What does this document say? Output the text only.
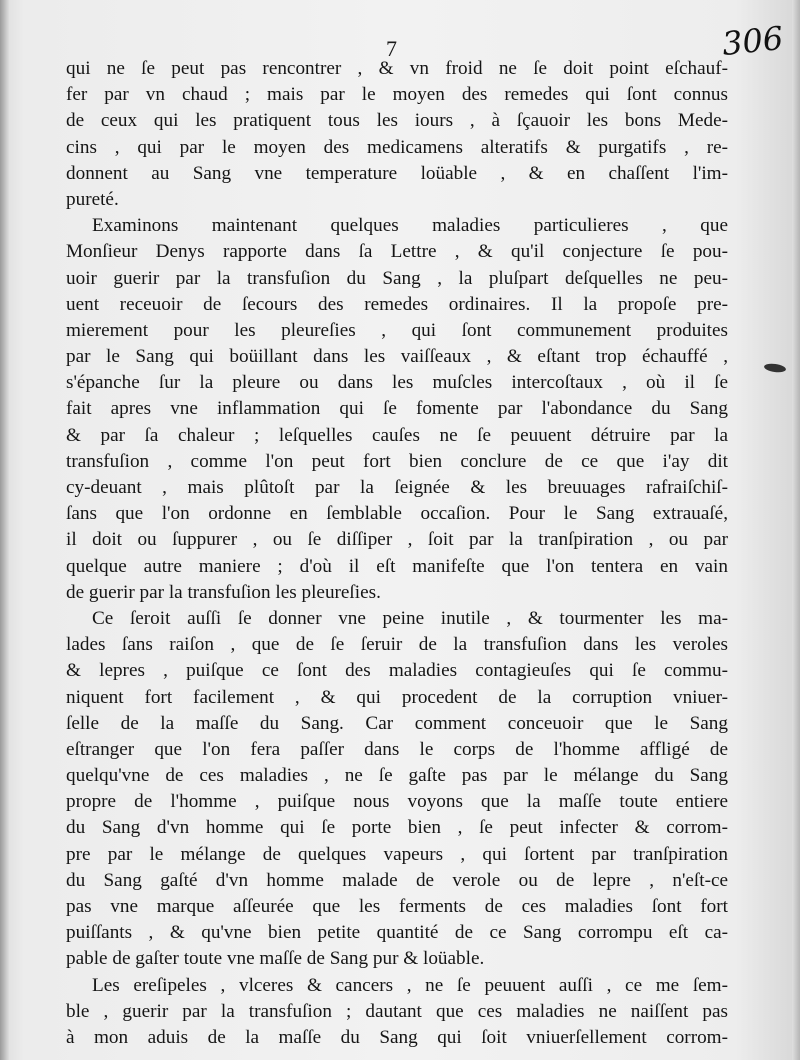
7	306
qui ne ſe peut pas rencontrer , & vn froid ne ſe doit point eſchauf-
fer par vn chaud ; mais par le moyen des remedes qui ſont connus
de ceux qui les pratiquent tous les iours , à ſçauoir les bons Mede-
cins , qui par le moyen des medicamens alteratifs & purgatifs , re-
donnent au Sang vne temperature loüable , & en chaſſent l'im-
pureté.
Examinons maintenant quelques maladies particulieres , que
Monſieur Denys rapporte dans ſa Lettre , & qu'il conjecture ſe pou-
uoir guerir par la transfuſion du Sang , la pluſpart deſquelles ne peu-
uent receuoir de ſecours des remedes ordinaires. Il la propoſe pre-
mierement pour les pleureſies , qui ſont communement produites
par le Sang qui boüillant dans les vaiſſeaux , & eſtant trop échauffé ,
s'épanche ſur la pleure ou dans les muſcles intercoſtaux , où il ſe
fait apres vne inflammation qui ſe fomente par l'abondance du Sang
& par ſa chaleur ; leſquelles cauſes ne ſe peuuent détruire par la
transfuſion , comme l'on peut fort bien conclure de ce que i'ay dit
cy-deuant , mais plûtoſt par la ſeignée & les breuuages rafraiſchiſ-
ſans que l'on ordonne en ſemblable occaſion. Pour le Sang extrauaſé,
il doit ou ſuppurer , ou ſe diſſiper , ſoit par la tranſpiration , ou par
quelque autre maniere ; d'où il eſt manifeſte que l'on tentera en vain
de guerir par la transfuſion les pleureſies.
Ce ſeroit auſſi ſe donner vne peine inutile , & tourmenter les ma-
lades ſans raiſon , que de ſe ſeruir de la transfuſion dans les veroles
& lepres , puiſque ce ſont des maladies contagieuſes qui ſe commu-
niquent fort facilement , & qui procedent de la corruption vniuer-
ſelle de la maſſe du Sang. Car comment conceuoir que le Sang
eſtranger que l'on fera paſſer dans le corps de l'homme affligé de
quelqu'vne de ces maladies , ne ſe gaſte pas par le mélange du Sang
propre de l'homme , puiſque nous voyons que la maſſe toute entiere
du Sang d'vn homme qui ſe porte bien , ſe peut infecter & corrom-
pre par le mélange de quelques vapeurs , qui ſortent par tranſpiration
du Sang gaſté d'vn homme malade de verole ou de lepre , n'eſt-ce
pas vne marque aſſeurée que les ferments de ces maladies ſont fort
puiſſants , & qu'vne bien petite quantité de ce Sang corrompu eſt ca-
pable de gaſter toute vne maſſe de Sang pur & loüable.
Les ereſipeles , vlceres & cancers , ne ſe peuuent auſſi , ce me ſem-
ble , guerir par la transfuſion ; dautant que ces maladies ne naiſſent pas
à mon aduis de la maſſe du Sang qui ſoit vniuerſellement corrom-
